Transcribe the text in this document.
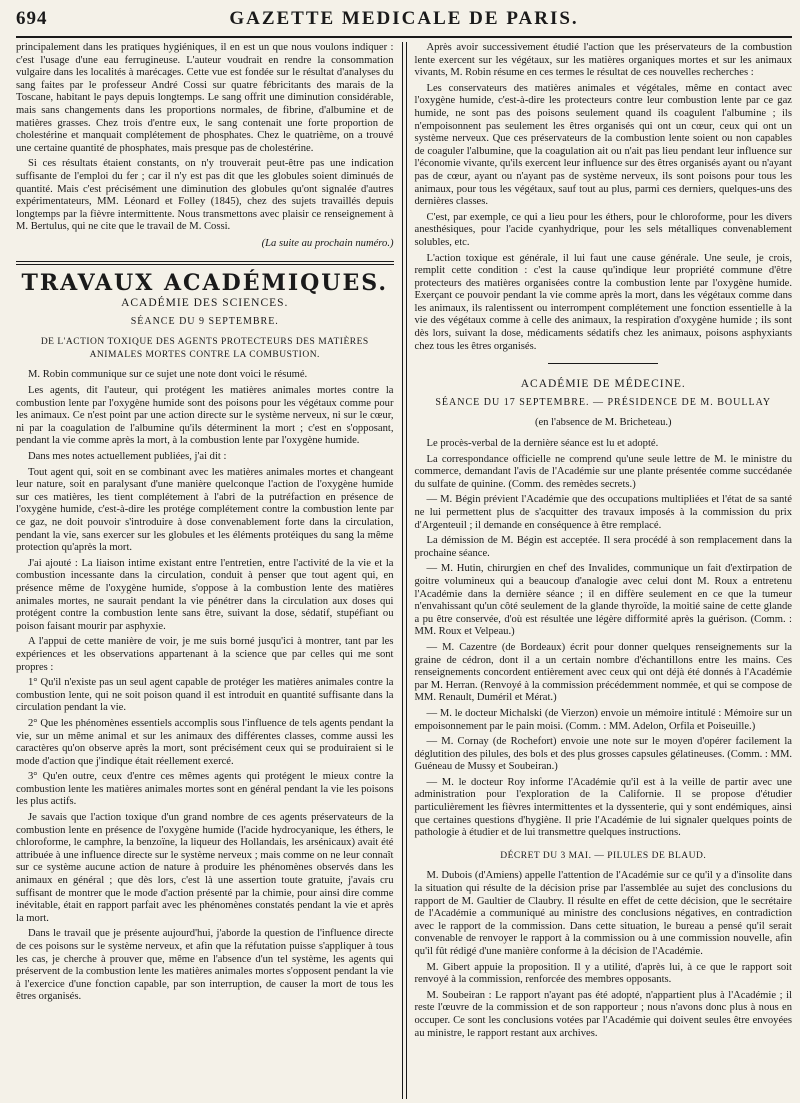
694	GAZETTE MEDICALE DE PARIS.

principalement dans les pratiques hygiéniques, il en est un que nous voulons indiquer : c'est l'usage d'une eau ferrugineuse. L'auteur voudrait en rendre la consommation vulgaire dans les localités à marécages. Cette vue est fondée sur le résultat d'analyses du sang faites par le professeur André Cossi sur quatre fébricitants des marais de la Toscane, habitant le pays depuis longtemps. Le sang offrit une diminution considérable, mais sans changements dans les proportions normales, de fibrine, d'albumine et de matières grasses. Chez trois d'entre eux, le sang contenait une forte proportion de cholestérine et manquait complétement de phosphates. Chez le quatrième, on a trouvé une certaine quantité de phosphates, mais presque pas de cholestérine.

Si ces résultats étaient constants, on n'y trouverait peut-être pas une indication suffisante de l'emploi du fer ; car il n'y est pas dit que les globules soient diminués de quantité. Mais c'est précisément une diminution des globules qu'ont signalée d'autres expérimentateurs, MM. Léonard et Folley (1845), chez des sujets travaillés depuis longtemps par la fièvre intermittente. Nous transmettons avec plaisir ce renseignement à M. Bertulus, qui ne cite que le travail de M. Cossi.

(La suite au prochain numéro.)
TRAVAUX ACADÉMIQUES.
ACADÉMIE DES SCIENCES.
SÉANCE DU 9 SEPTEMBRE.
DE L'ACTION TOXIQUE DES AGENTS PROTECTEURS DES MATIÈRES ANIMALES MORTES CONTRE LA COMBUSTION.

M. Robin communique sur ce sujet une note dont voici le résumé.

Les agents, dit l'auteur, qui protégent les matières animales mortes contre la combustion lente par l'oxygène humide sont des poisons pour les végétaux comme pour les animaux. Ce n'est point par une action directe sur le système nerveux, ni sur le cœur, ni par la coagulation de l'albumine qu'ils déterminent la mort ; c'est en s'opposant, pendant la vie comme après la mort, à la combustion lente par l'oxygène humide.

Dans mes notes actuellement publiées, j'ai dit :

Tout agent qui, soit en se combinant avec les matières animales mortes et changeant leur nature, soit en paralysant d'une manière quelconque l'action de l'oxygène humide sur ces matières, les tient complétement à l'abri de la putréfaction en présence de l'oxygène humide, c'est-à-dire les protége complétement contre la combustion lente par ce gaz, ne doit pouvoir s'introduire à dose convenablement forte dans la circulation, pendant la vie, sans exercer sur les globules et les éléments protéiques du sang la même protection qu'après la mort.

J'ai ajouté : La liaison intime existant entre l'entretien, entre l'activité de la vie et la combustion incessante dans la circulation, conduit à penser que tout agent qui, en présence même de l'oxygène humide, s'oppose à la combustion lente des matières animales mortes, ne saurait pendant la vie pénétrer dans la circulation aux doses qui protégent contre la combustion lente sans être, suivant la dose, sédatif, stupéfiant ou poison faisant mourir par asphyxie.

A l'appui de cette manière de voir, je me suis borné jusqu'ici à montrer, tant par les expériences et les observations appartenant à la science que par celles qui me sont propres :

1° Qu'il n'existe pas un seul agent capable de protéger les matières animales contre la combustion lente, qui ne soit poison quand il est introduit en quantité suffisante dans la circulation pendant la vie.

2° Que les phénomènes essentiels accomplis sous l'influence de tels agents pendant la vie, sur un même animal et sur les animaux des différentes classes, comme aussi les caractères qu'on observe après la mort, sont précisément ceux qui se produiraient si le mode d'action que j'indique était réellement exercé.

3° Qu'en outre, ceux d'entre ces mêmes agents qui protégent le mieux contre la combustion lente les matières animales mortes sont en général pendant la vie les poisons les plus actifs.

Je savais que l'action toxique d'un grand nombre de ces agents préservateurs de la combustion lente en présence de l'oxygène humide (l'acide hydrocyanique, les éthers, le chloroforme, le camphre, la benzoïne, la liqueur des Hollandais, les arsénicaux) avait été attribuée à une influence directe sur le système nerveux ; mais comme on ne leur connaît sur ce système aucune action de nature à produire les phénomènes observés dans les animaux en général ; que dès lors, c'est là une assertion toute gratuite, j'avais cru suffisant de montrer que le mode d'action présenté par la chimie, pour ainsi dire comme inévitable, était en rapport parfait avec les phénomènes constatés pendant la vie et après la mort.

Dans le travail que je présente aujourd'hui, j'aborde la question de l'influence directe de ces poisons sur le système nerveux, et afin que la réfutation puisse s'appliquer à tous les cas, je cherche à prouver que, même en l'absence d'un tel système, les agents qui préservent de la combustion lente les matières animales mortes s'opposent pendant la vie à l'exercice d'une fonction capable, par son interruption, de causer la mort de tous les êtres organisés.

Après avoir successivement étudié l'action que les préservateurs de la combustion lente exercent sur les végétaux, sur les matières organiques mortes et sur les animaux vivants, M. Robin résume en ces termes le résultat de ces nouvelles recherches :

Les conservateurs des matières animales et végétales, même en contact avec l'oxygène humide, c'est-à-dire les protecteurs contre leur combustion lente par ce gaz humide, ne sont pas des poisons seulement quand ils coagulent l'albumine ; ils n'empoisonnent pas seulement les êtres organisés qui ont un cœur, ceux qui ont un système nerveux. Que ces préservateurs de la combustion lente soient ou non capables de coaguler l'albumine, que la coagulation ait ou n'ait pas lieu pendant leur influence sur l'économie vivante, qu'ils exercent leur influence sur des êtres organisés ayant ou n'ayant pas de cœur, ayant ou n'ayant pas de système nerveux, ils sont poisons pour tous les animaux, pour tous les végétaux, sauf tout au plus, parmi ces derniers, quelques-uns des dernières classes.

C'est, par exemple, ce qui a lieu pour les éthers, pour le chloroforme, pour les divers anesthésiques, pour l'acide cyanhydrique, pour les sels métalliques convenablement solubles, etc.

L'action toxique est générale, il lui faut une cause générale. Une seule, je crois, remplit cette condition : c'est la cause qu'indique leur propriété commune d'être protecteurs des matières organisées contre la combustion lente par l'oxygène humide. Exerçant ce pouvoir pendant la vie comme après la mort, dans les végétaux comme dans les animaux, ils ralentissent ou interrompent complétement une fonction essentielle à la vie des végétaux comme à celle des animaux, la respiration d'oxygène humide ; ils sont dès lors, suivant la dose, médicaments sédatifs chez les animaux, poisons asphyxiants chez tous les êtres organisés.

ACADÉMIE DE MÉDECINE.
SÉANCE DU 17 SEPTEMBRE. — PRÉSIDENCE DE M. BOULLAY
(en l'absence de M. Bricheteau.)

Le procès-verbal de la dernière séance est lu et adopté.

La correspondance officielle ne comprend qu'une seule lettre de M. le ministre du commerce, demandant l'avis de l'Académie sur une plante présentée comme succédanée du sulfate de quinine. (Comm. des remèdes secrets.)

— M. Bégin prévient l'Académie que des occupations multipliées et l'état de sa santé ne lui permettent plus de s'acquitter des travaux imposés à la commission du prix d'Argenteuil ; il demande en conséquence à être remplacé.

La démission de M. Bégin est acceptée. Il sera procédé à son remplacement dans la prochaine séance.

— M. Hutin, chirurgien en chef des Invalides, communique un fait d'extirpation de goitre volumineux qui a beaucoup d'analogie avec celui dont M. Roux a entretenu l'Académie dans la dernière séance ; il en diffère seulement en ce que la tumeur n'envahissant qu'un côté seulement de la glande thyroïde, la moitié saine de cette glande a pu être conservée, d'où est résultée une légère difformité après la guérison. (Comm. : MM. Roux et Velpeau.)

— M. Cazentre (de Bordeaux) écrit pour donner quelques renseignements sur la graine de cédron, dont il a un certain nombre d'échantillons entre les mains. Ces renseignements concordent entièrement avec ceux qui ont déjà été donnés à l'Académie par M. Herran. (Renvoyé à la commission précédemment nommée, et qui se compose de MM. Renault, Duméril et Mérat.)

— M. le docteur Michalski (de Vierzon) envoie un mémoire intitulé : Mémoire sur un empoisonnement par le pain moisi. (Comm. : MM. Adelon, Orfila et Poiseuille.)

— M. Cornay (de Rochefort) envoie une note sur le moyen d'opérer facilement la déglutition des pilules, des bols et des plus grosses capsules gélatineuses. (Comm. : MM. Guéneau de Mussy et Soubeiran.)

— M. le docteur Roy informe l'Académie qu'il est à la veille de partir avec une administration pour l'exploration de la Californie. Il se propose d'étudier particulièrement les fièvres intermittentes et la dyssenterie, qui y sont endémiques, ainsi que certaines questions d'hygiène. Il prie l'Académie de lui signaler quelques points de pathologie à étudier et de lui transmettre quelques instructions.

DÉCRET DU 3 MAI. — PILULES DE BLAUD.

M. Dubois (d'Amiens) appelle l'attention de l'Académie sur ce qu'il y a d'insolite dans la situation qui résulte de la décision prise par l'assemblée au sujet des conclusions du rapport de M. Gaultier de Claubry. Il résulte en effet de cette décision, que le secrétaire de l'Académie a communiqué au ministre des conclusions négatives, en contradiction avec le rapport de la commission. Dans cette situation, le bureau a pensé qu'il serait convenable de renvoyer le rapport à la commission ou à une commission nouvelle, afin qu'il fût rédigé d'une manière conforme à la décision de l'Académie.

M. Gibert appuie la proposition. Il y a utilité, d'après lui, à ce que le rapport soit renvoyé à la commission, renforcée des membres opposants.

M. Soubeiran : Le rapport n'ayant pas été adopté, n'appartient plus à l'Académie ; il reste l'œuvre de la commission et de son rapporteur ; nous n'avons donc plus à nous en occuper. Ce sont les conclusions votées par l'Académie qui doivent seules être envoyées au ministre, le rapport restant aux archives.
